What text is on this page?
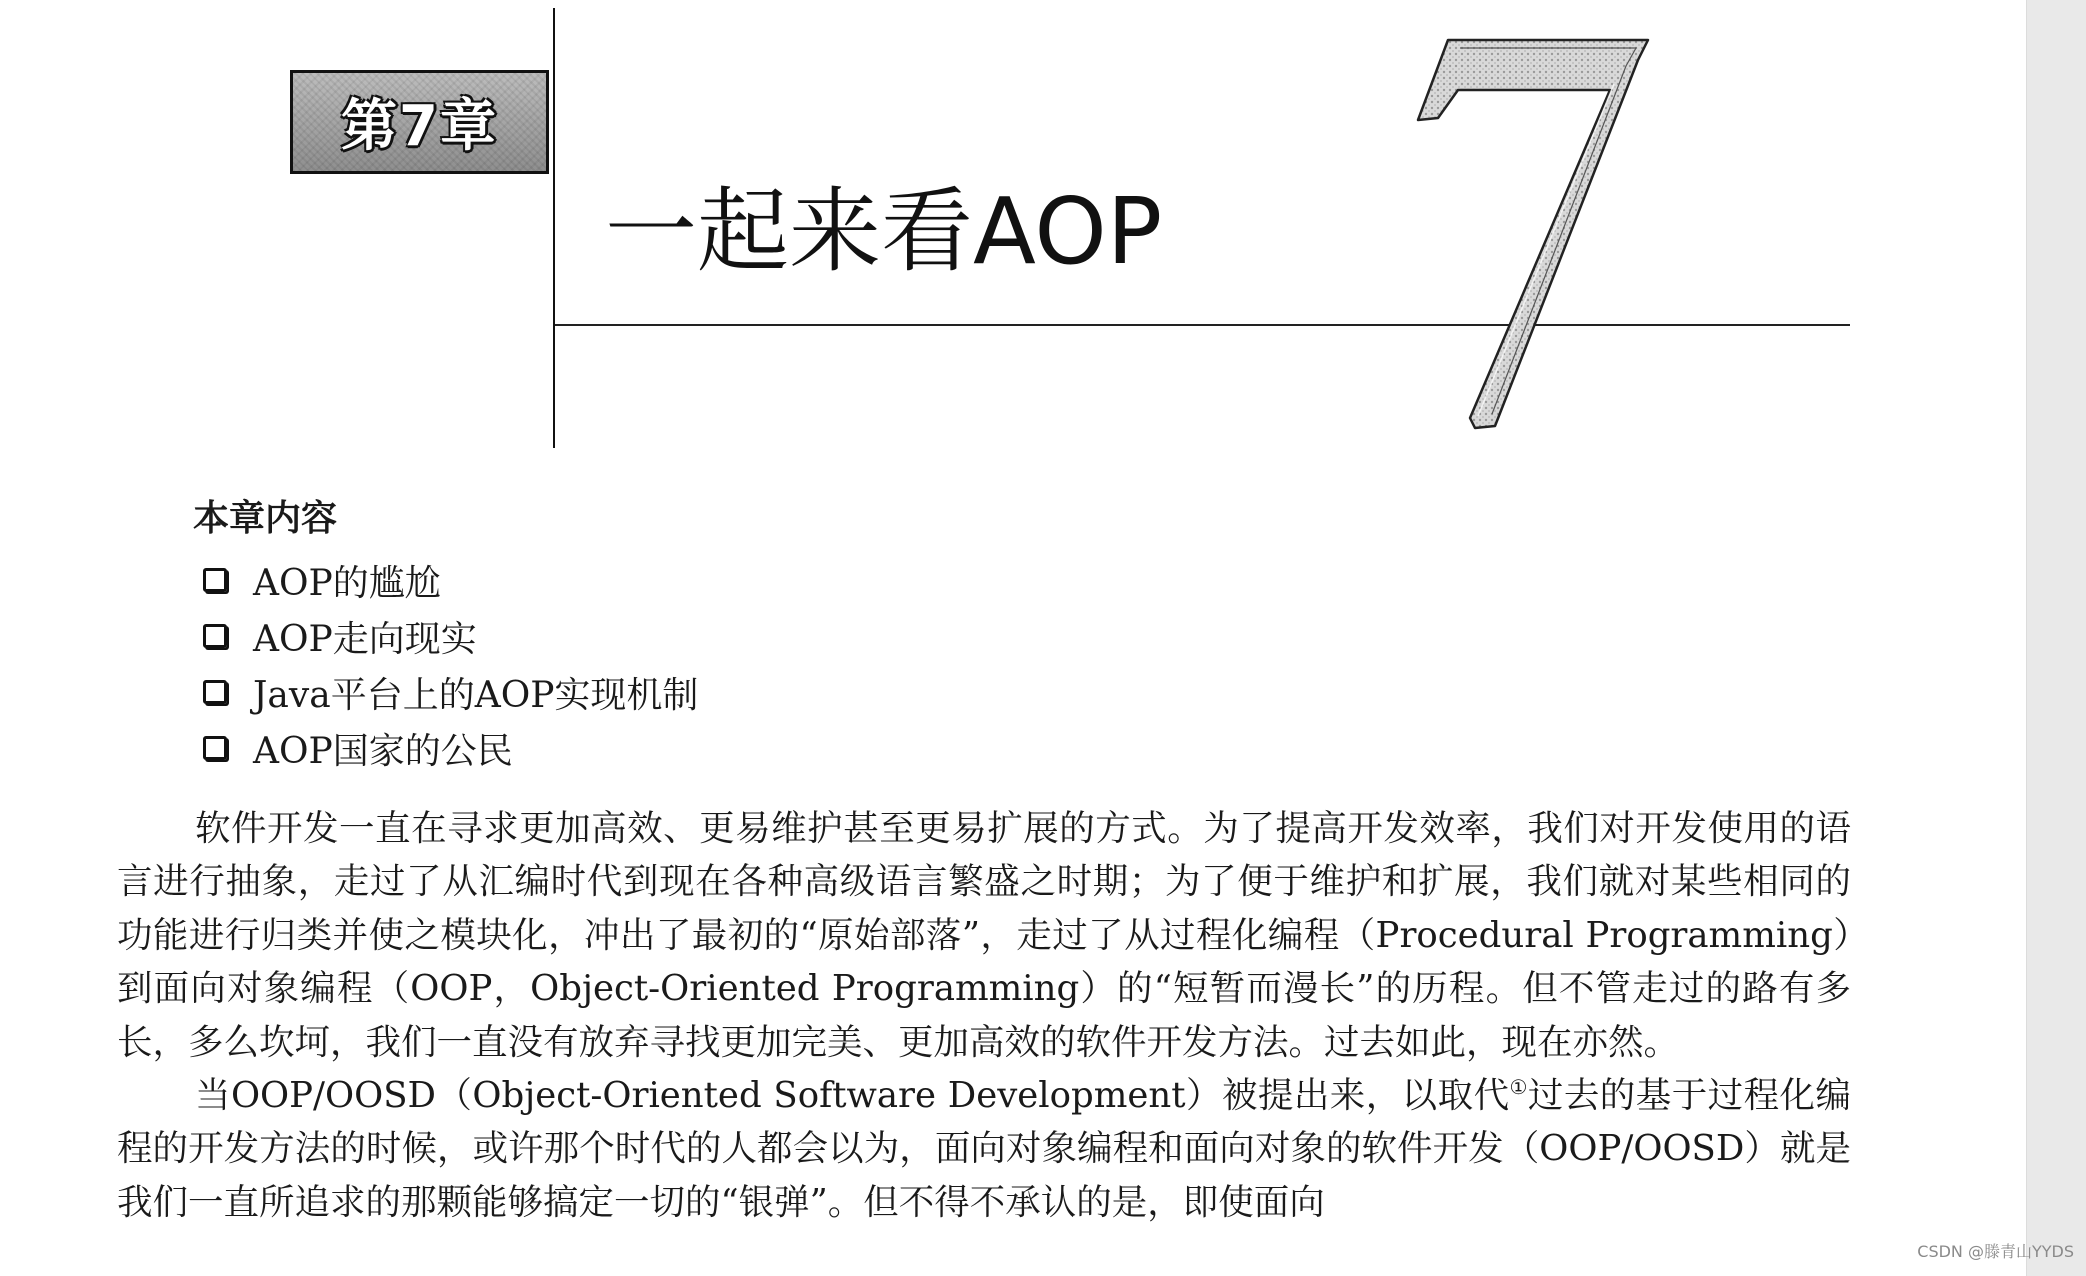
CSDN @滕青山YYDS
第7章
一起来看AOP
本章内容
AOP的尴尬
AOP走向现实
Java平台上的AOP实现机制
AOP国家的公民

软件开发一直在寻求更加高效、更易维护甚至更易扩展的方式。为了提高开发效率，我们对开发使用的语言进行抽象，走过了从汇编时代到现在各种高级语言繁盛之时期；为了便于维护和扩展，我们就对某些相同的功能进行归类并使之模块化，冲出了最初的“原始部落”，走过了从过程化编程（Procedural Programming）到面向对象编程（OOP，Object-Oriented Programming）的“短暂而漫长”的历程。但不管走过的路有多长，多么坎坷，我们一直没有放弃寻找更加完美、更加高效的软件开发方法。过去如此，现在亦然。

当OOP/OOSD（Object-Oriented Software Development）被提出来，以取代①过去的基于过程化编程的开发方法的时候，或许那个时代的人都会以为，面向对象编程和面向对象的软件开发（OOP/OOSD）就是我们一直所追求的那颗能够搞定一切的“银弹”。但不得不承认的是，即使面向
